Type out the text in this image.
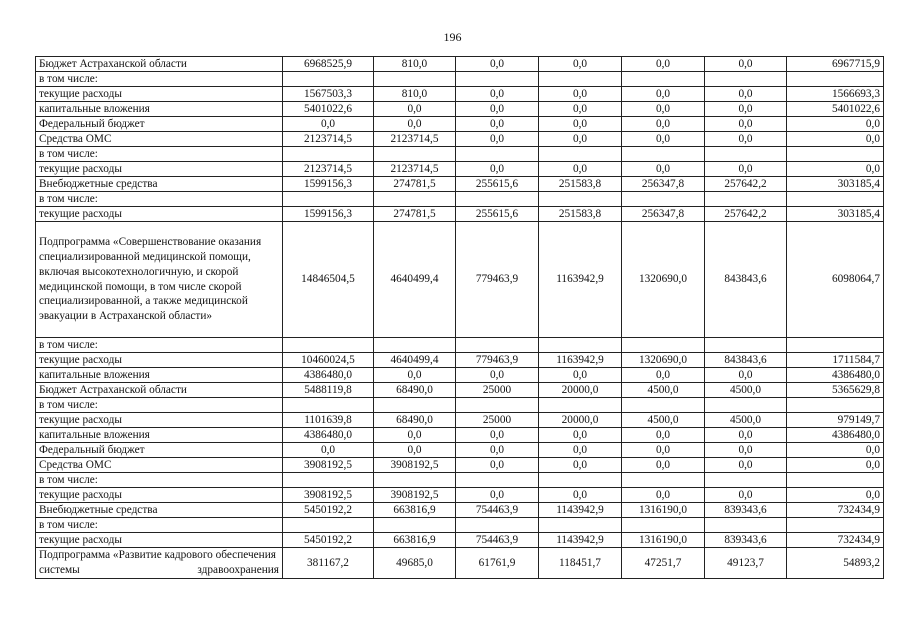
196
Бюджет Астраханской области	6968525,9	810,0	0,0	0,0	0,0	0,0	6967715,9
в том числе:							
текущие расходы	1567503,3	810,0	0,0	0,0	0,0	0,0	1566693,3
капитальные вложения	5401022,6	0,0	0,0	0,0	0,0	0,0	5401022,6
Федеральный бюджет	0,0	0,0	0,0	0,0	0,0	0,0	0,0
Средства ОМС	2123714,5	2123714,5	0,0	0,0	0,0	0,0	0,0
в том числе:							
текущие расходы	2123714,5	2123714,5	0,0	0,0	0,0	0,0	0,0
Внебюджетные средства	1599156,3	274781,5	255615,6	251583,8	256347,8	257642,2	303185,4
в том числе:							
текущие расходы	1599156,3	274781,5	255615,6	251583,8	256347,8	257642,2	303185,4
Подпрограмма «Совершенствование оказания специализированной медицинской помощи, включая высокотехнологичную, и скорой медицинской помощи, в том числе скорой специализированной, а также медицинской эвакуации в Астраханской области»	14846504,5	4640499,4	779463,9	1163942,9	1320690,0	843843,6	6098064,7
в том числе:							
текущие расходы	10460024,5	4640499,4	779463,9	1163942,9	1320690,0	843843,6	1711584,7
капитальные вложения	4386480,0	0,0	0,0	0,0	0,0	0,0	4386480,0
Бюджет Астраханской области	5488119,8	68490,0	25000	20000,0	4500,0	4500,0	5365629,8
в том числе:							
текущие расходы	1101639,8	68490,0	25000	20000,0	4500,0	4500,0	979149,7
капитальные вложения	4386480,0	0,0	0,0	0,0	0,0	0,0	4386480,0
Федеральный бюджет	0,0	0,0	0,0	0,0	0,0	0,0	0,0
Средства ОМС	3908192,5	3908192,5	0,0	0,0	0,0	0,0	0,0
в том числе:							
текущие расходы	3908192,5	3908192,5	0,0	0,0	0,0	0,0	0,0
Внебюджетные средства	5450192,2	663816,9	754463,9	1143942,9	1316190,0	839343,6	732434,9
в том числе:							
текущие расходы	5450192,2	663816,9	754463,9	1143942,9	1316190,0	839343,6	732434,9
Подпрограмма «Развитие кадрового обеспечения системы здравоохранения	381167,2	49685,0	61761,9	118451,7	47251,7	49123,7	54893,2
